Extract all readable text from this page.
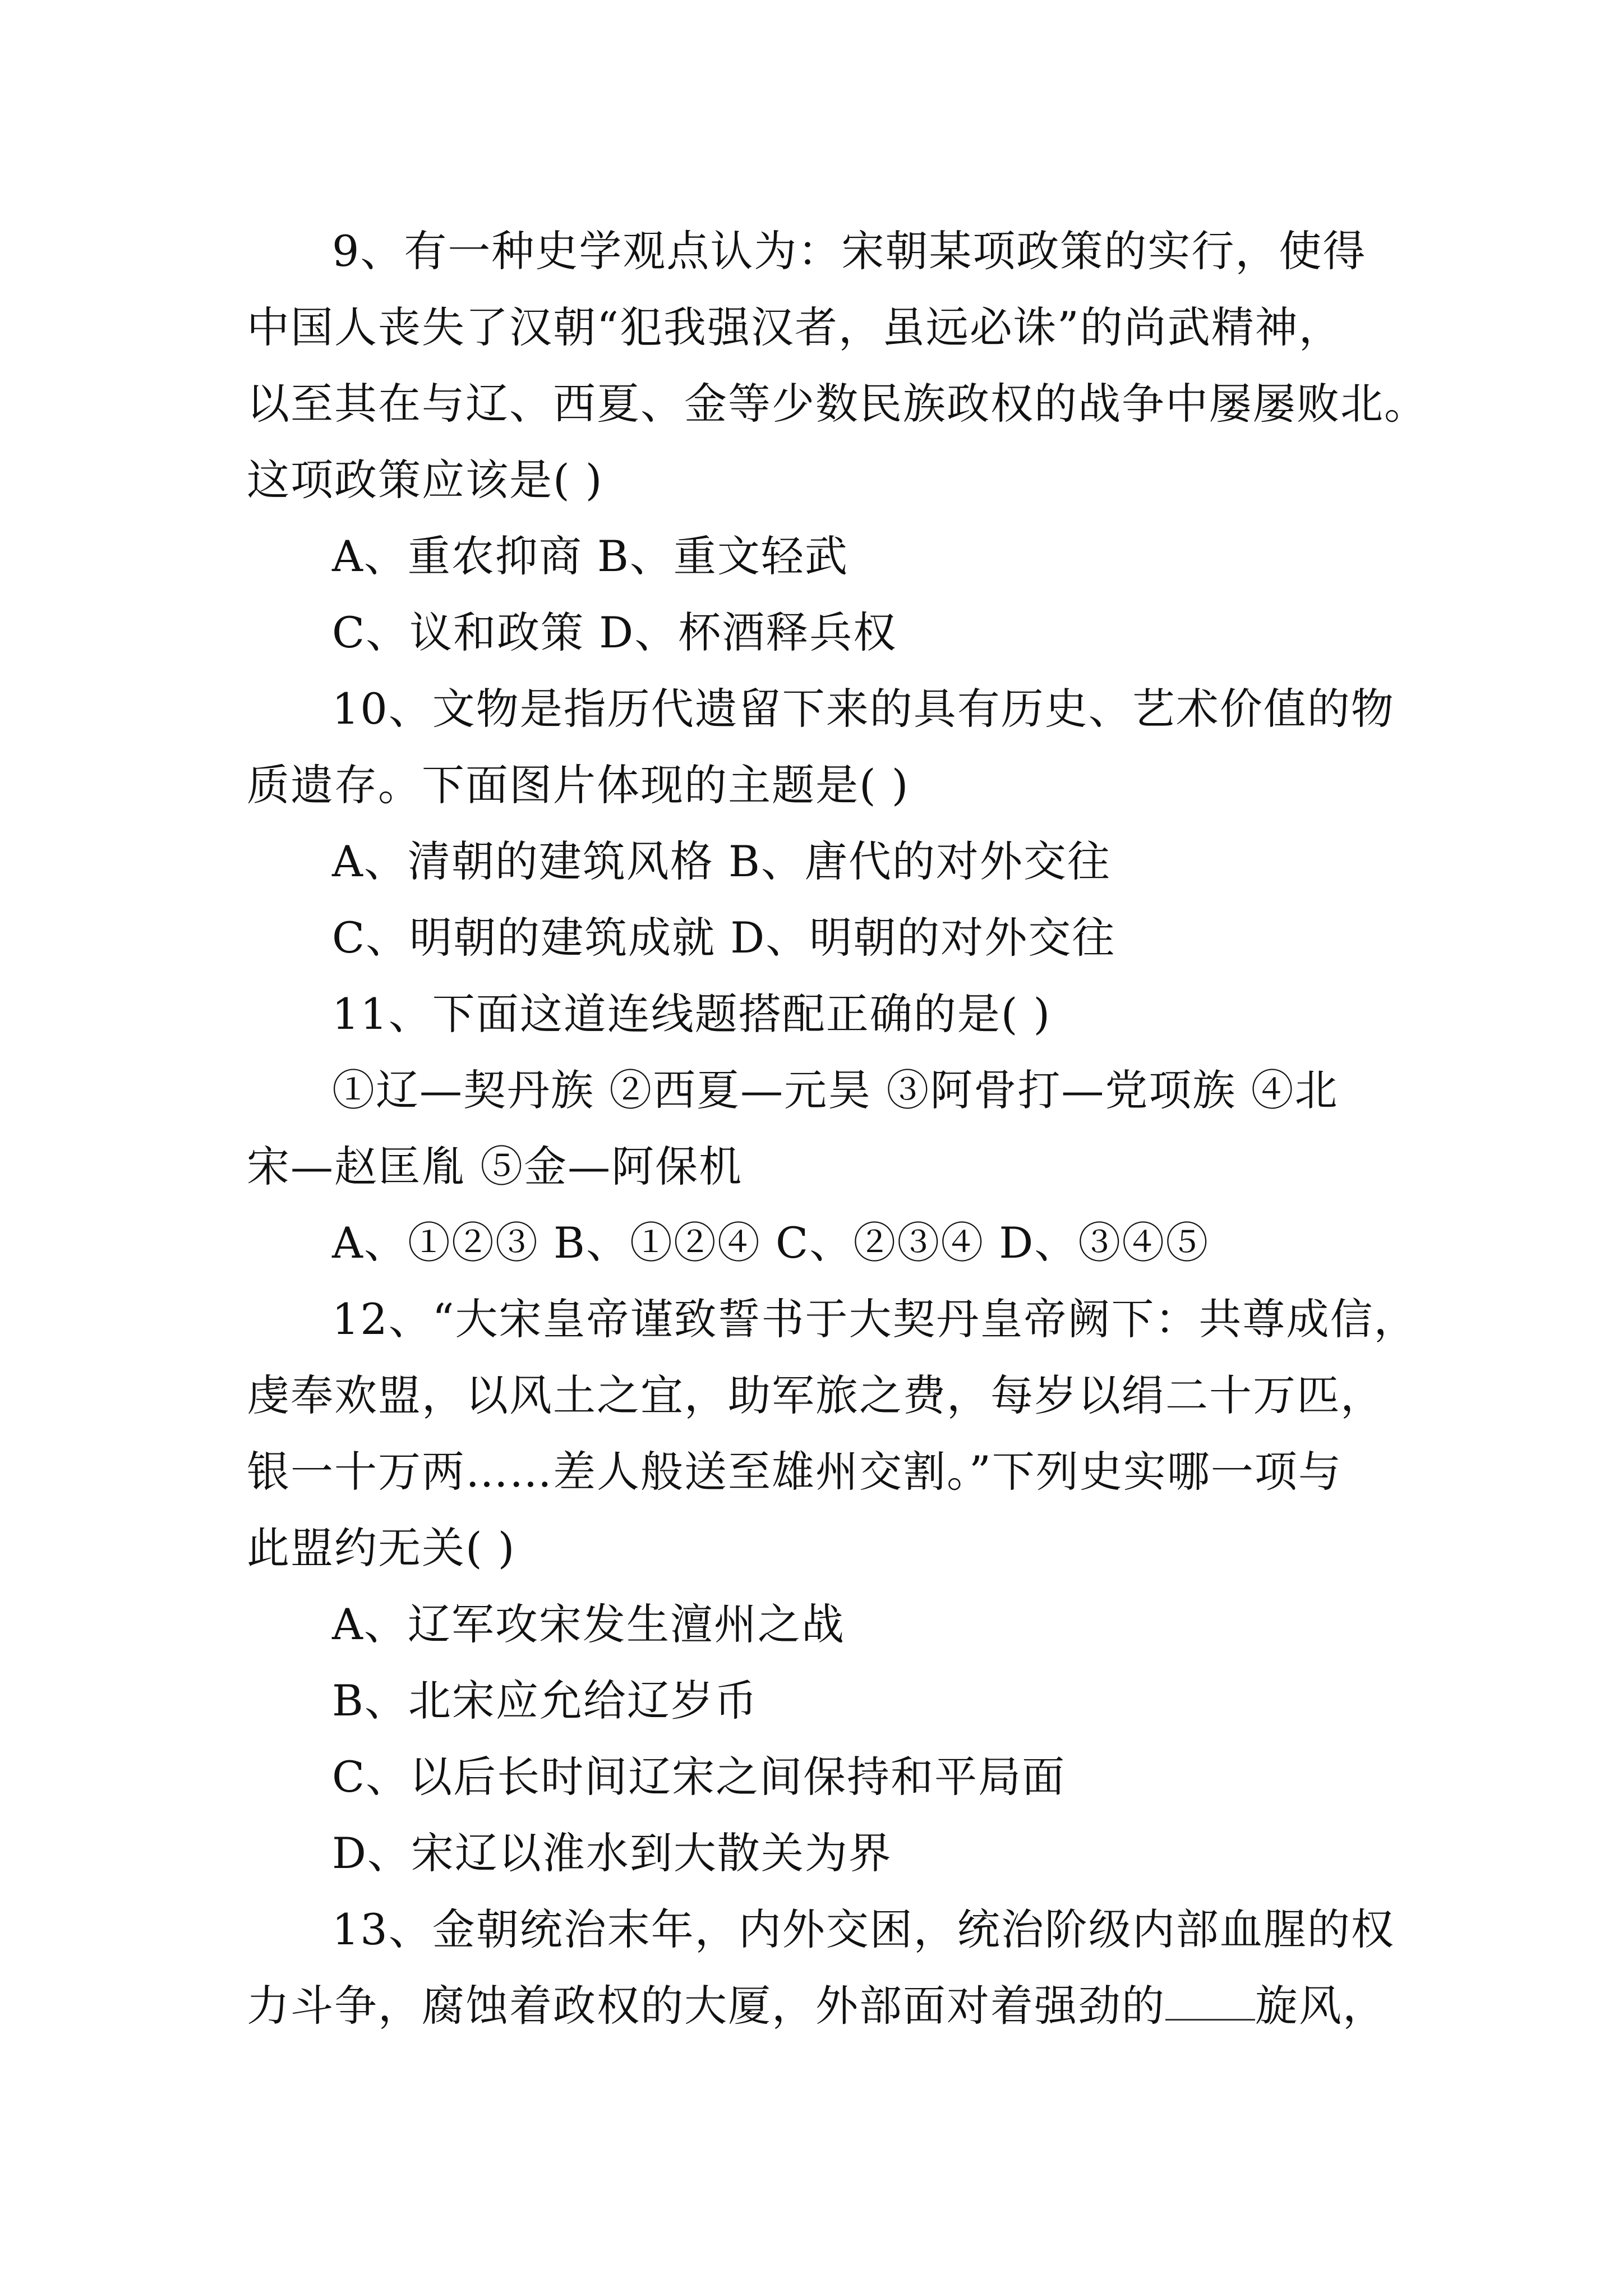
9、有一种史学观点认为：宋朝某项政策的实行，使得
中国人丧失了汉朝“犯我强汉者，虽远必诛”的尚武精神，
以至其在与辽、西夏、金等少数民族政权的战争中屡屡败北。
这项政策应该是( )
A、重农抑商 B、重文轻武
C、议和政策 D、杯酒释兵权
10、文物是指历代遗留下来的具有历史、艺术价值的物
质遗存。下面图片体现的主题是( )
A、清朝的建筑风格 B、唐代的对外交往
C、明朝的建筑成就 D、明朝的对外交往
11、下面这道连线题搭配正确的是( )
①辽—契丹族 ②西夏—元昊 ③阿骨打—党项族 ④北
宋—赵匡胤 ⑤金—阿保机
A、①②③ B、①②④ C、②③④ D、③④⑤
12、“大宋皇帝谨致誓书于大契丹皇帝阙下：共尊成信，
虔奉欢盟，以风土之宜，助军旅之费，每岁以绢二十万匹，
银一十万两……差人般送至雄州交割。”下列史实哪一项与
此盟约无关( )
A、辽军攻宋发生澶州之战
B、北宋应允给辽岁币
C、以后长时间辽宋之间保持和平局面
D、宋辽以淮水到大散关为界
13、金朝统治末年，内外交困，统治阶级内部血腥的权
力斗争，腐蚀着政权的大厦，外部面对着强劲的 旋风，
